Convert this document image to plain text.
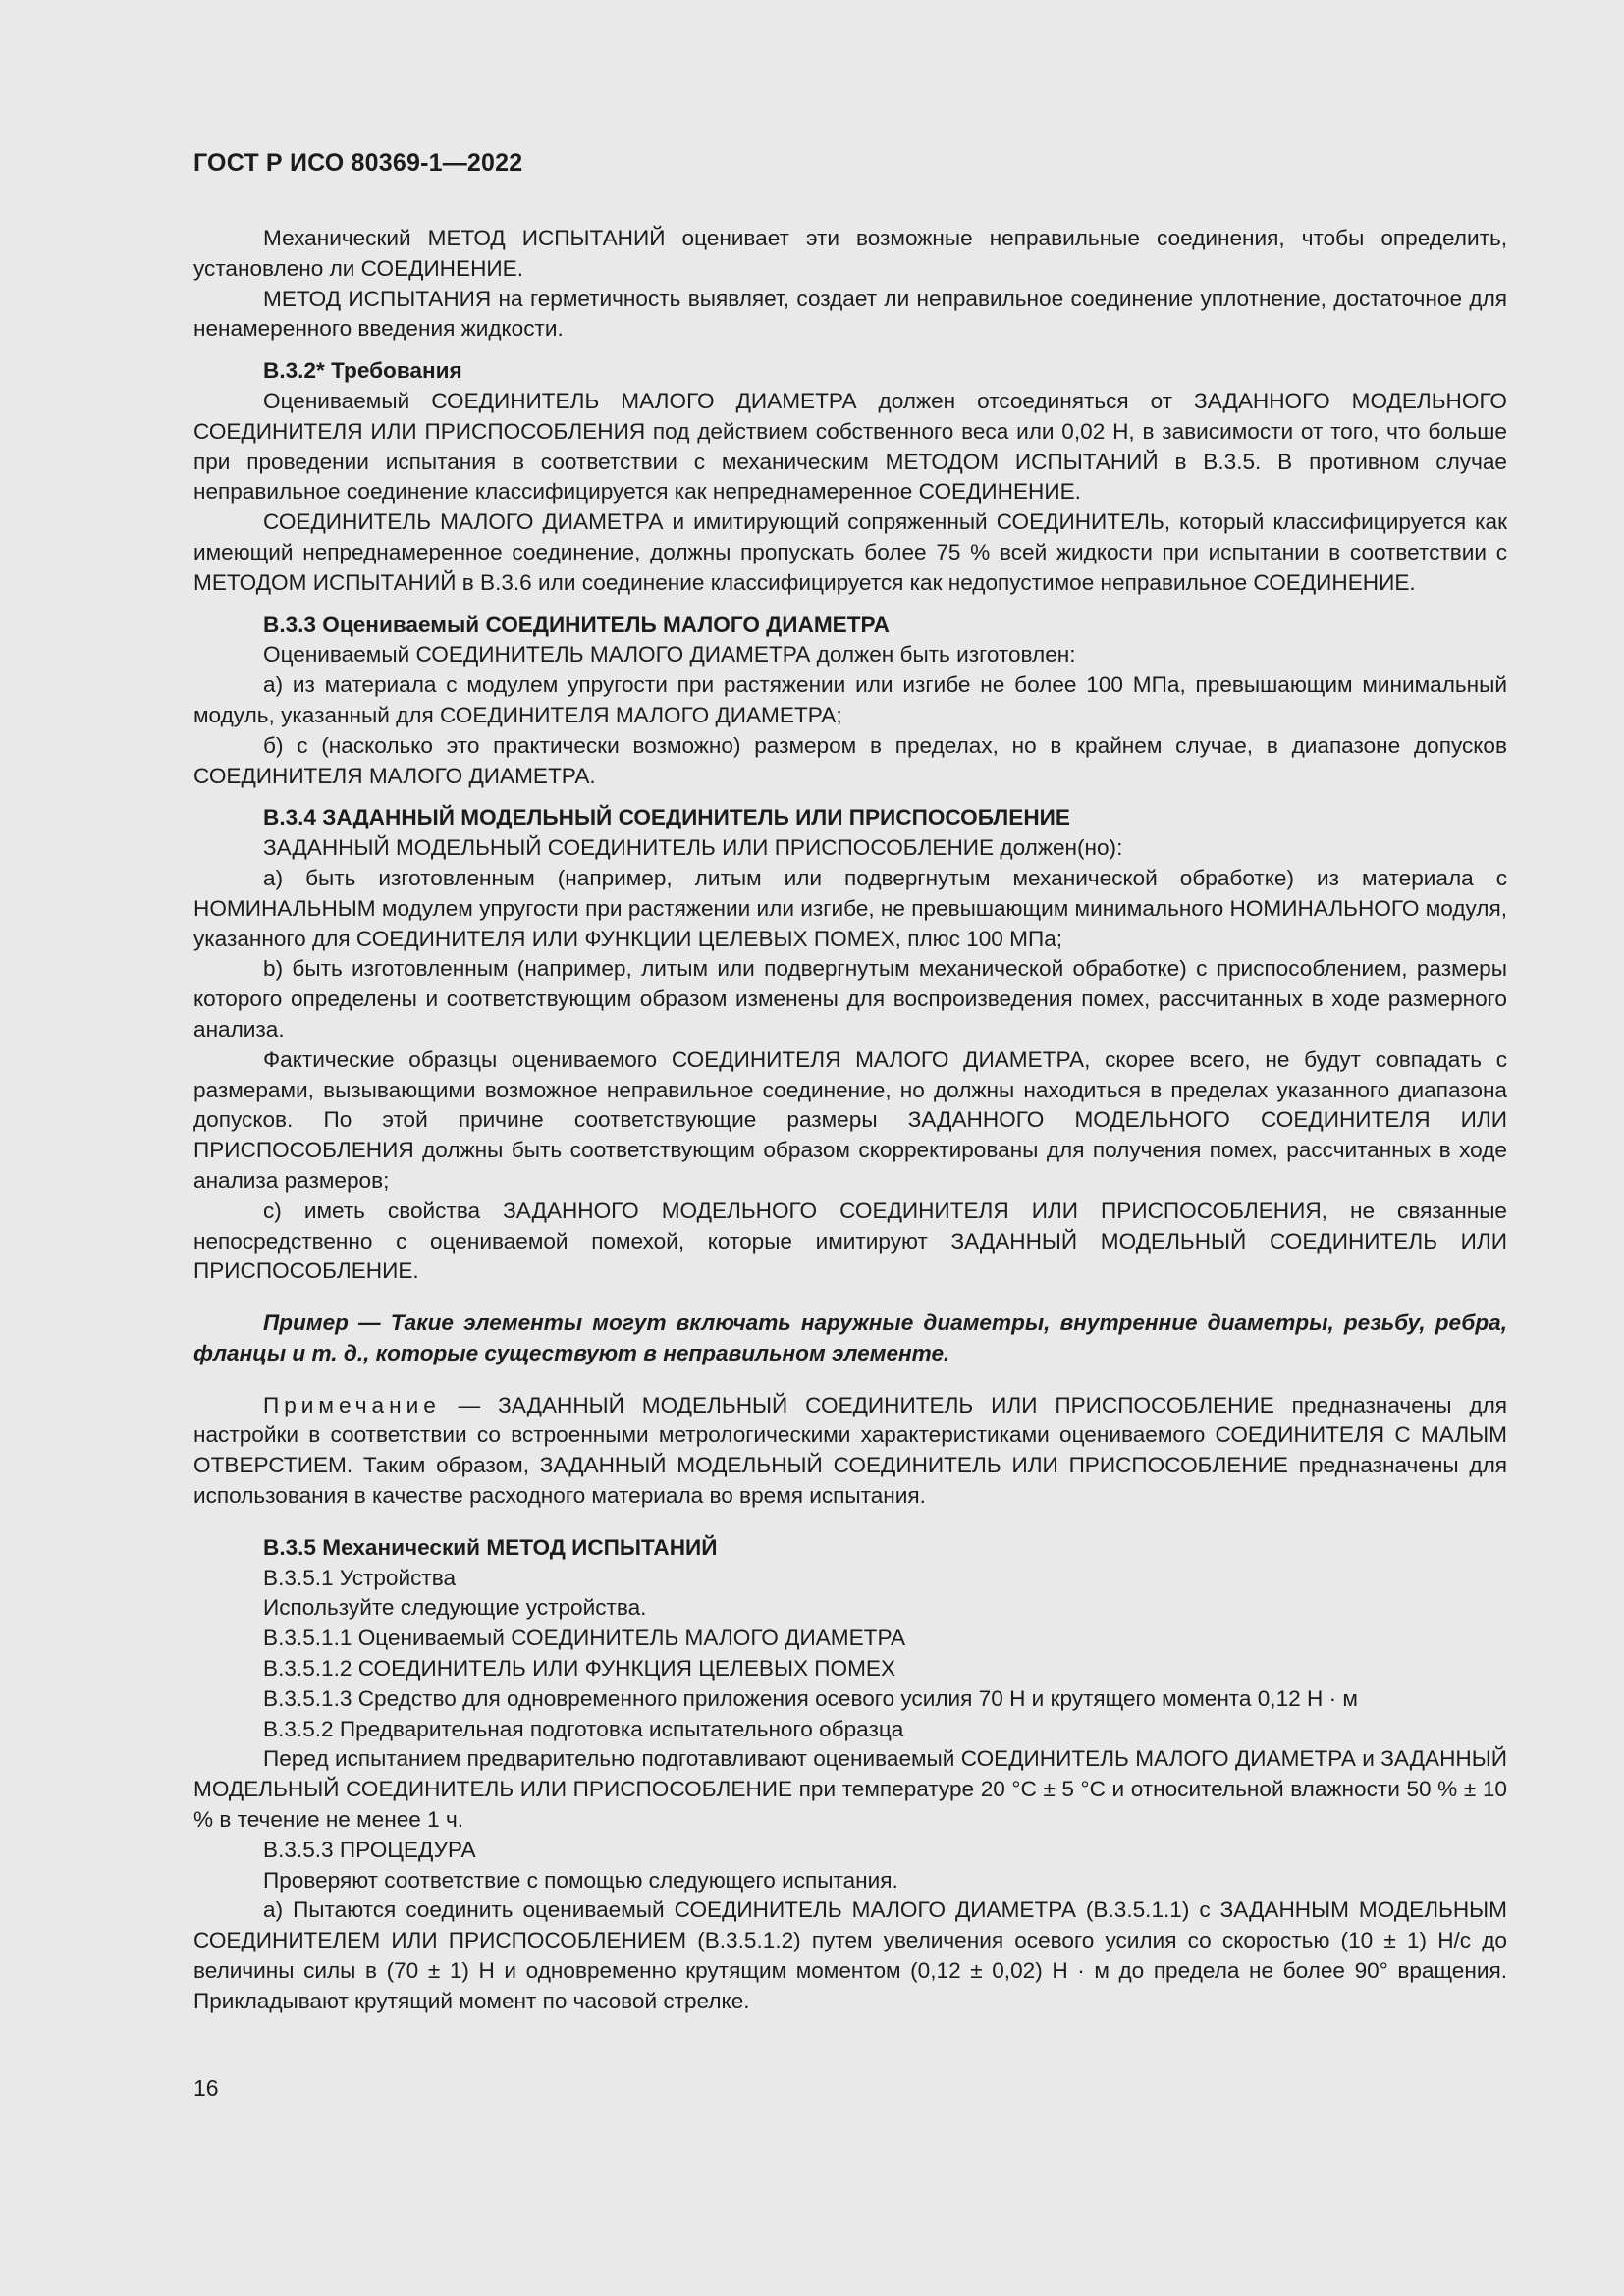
ГОСТ Р ИСО 80369-1—2022

Механический МЕТОД ИСПЫТАНИЙ оценивает эти возможные неправильные соединения, чтобы определить, установлено ли СОЕДИНЕНИЕ.

МЕТОД ИСПЫТАНИЯ на герметичность выявляет, создает ли неправильное соединение уплотнение, достаточное для ненамеренного введения жидкости.

B.3.2* Требования

Оцениваемый СОЕДИНИТЕЛЬ МАЛОГО ДИАМЕТРА должен отсоединяться от ЗАДАННОГО МОДЕЛЬНОГО СОЕДИНИТЕЛЯ ИЛИ ПРИСПОСОБЛЕНИЯ под действием собственного веса или 0,02 Н, в зависимости от того, что больше при проведении испытания в соответствии с механическим МЕТОДОМ ИСПЫТАНИЙ в В.3.5. В противном случае неправильное соединение классифицируется как непреднамеренное СОЕДИНЕНИЕ.

СОЕДИНИТЕЛЬ МАЛОГО ДИАМЕТРА и имитирующий сопряженный СОЕДИНИТЕЛЬ, который классифицируется как имеющий непреднамеренное соединение, должны пропускать более 75 % всей жидкости при испытании в соответствии с МЕТОДОМ ИСПЫТАНИЙ в В.3.6 или соединение классифицируется как недопустимое неправильное СОЕДИНЕНИЕ.

B.3.3 Оцениваемый СОЕДИНИТЕЛЬ МАЛОГО ДИАМЕТРА

Оцениваемый СОЕДИНИТЕЛЬ МАЛОГО ДИАМЕТРА должен быть изготовлен:

а) из материала с модулем упругости при растяжении или изгибе не более 100 МПа, превышающим минимальный модуль, указанный для СОЕДИНИТЕЛЯ МАЛОГО ДИАМЕТРА;

б) с (насколько это практически возможно) размером в пределах, но в крайнем случае, в диапазоне допусков СОЕДИНИТЕЛЯ МАЛОГО ДИАМЕТРА.

B.3.4 ЗАДАННЫЙ МОДЕЛЬНЫЙ СОЕДИНИТЕЛЬ ИЛИ ПРИСПОСОБЛЕНИЕ

ЗАДАННЫЙ МОДЕЛЬНЫЙ СОЕДИНИТЕЛЬ ИЛИ ПРИСПОСОБЛЕНИЕ должен(но):

а) быть изготовленным (например, литым или подвергнутым механической обработке) из материала с НОМИНАЛЬНЫМ модулем упругости при растяжении или изгибе, не превышающим минимального НОМИНАЛЬНОГО модуля, указанного для СОЕДИНИТЕЛЯ ИЛИ ФУНКЦИИ ЦЕЛЕВЫХ ПОМЕХ, плюс 100 МПа;

b) быть изготовленным (например, литым или подвергнутым механической обработке) с приспособлением, размеры которого определены и соответствующим образом изменены для воспроизведения помех, рассчитанных в ходе размерного анализа.

Фактические образцы оцениваемого СОЕДИНИТЕЛЯ МАЛОГО ДИАМЕТРА, скорее всего, не будут совпадать с размерами, вызывающими возможное неправильное соединение, но должны находиться в пределах указанного диапазона допусков. По этой причине соответствующие размеры ЗАДАННОГО МОДЕЛЬНОГО СОЕДИНИТЕЛЯ ИЛИ ПРИСПОСОБЛЕНИЯ должны быть соответствующим образом скорректированы для получения помех, рассчитанных в ходе анализа размеров;

с) иметь свойства ЗАДАННОГО МОДЕЛЬНОГО СОЕДИНИТЕЛЯ ИЛИ ПРИСПОСОБЛЕНИЯ, не связанные непосредственно с оцениваемой помехой, которые имитируют ЗАДАННЫЙ МОДЕЛЬНЫЙ СОЕДИНИТЕЛЬ ИЛИ ПРИСПОСОБЛЕНИЕ.

Пример — Такие элементы могут включать наружные диаметры, внутренние диаметры, резьбу, ребра, фланцы и т. д., которые существуют в неправильном элементе.

Примечание — ЗАДАННЫЙ МОДЕЛЬНЫЙ СОЕДИНИТЕЛЬ ИЛИ ПРИСПОСОБЛЕНИЕ предназначены для настройки в соответствии со встроенными метрологическими характеристиками оцениваемого СОЕДИНИТЕЛЯ С МАЛЫМ ОТВЕРСТИЕМ. Таким образом, ЗАДАННЫЙ МОДЕЛЬНЫЙ СОЕДИНИТЕЛЬ ИЛИ ПРИСПОСОБЛЕНИЕ предназначены для использования в качестве расходного материала во время испытания.

B.3.5 Механический МЕТОД ИСПЫТАНИЙ

В.3.5.1 Устройства

Используйте следующие устройства.

В.3.5.1.1 Оцениваемый СОЕДИНИТЕЛЬ МАЛОГО ДИАМЕТРА

В.3.5.1.2 СОЕДИНИТЕЛЬ ИЛИ ФУНКЦИЯ ЦЕЛЕВЫХ ПОМЕХ

В.3.5.1.3 Средство для одновременного приложения осевого усилия 70 Н и крутящего момента 0,12 Н · м

В.3.5.2 Предварительная подготовка испытательного образца

Перед испытанием предварительно подготавливают оцениваемый СОЕДИНИТЕЛЬ МАЛОГО ДИАМЕТРА и ЗАДАННЫЙ МОДЕЛЬНЫЙ СОЕДИНИТЕЛЬ ИЛИ ПРИСПОСОБЛЕНИЕ при температуре 20 °C ± 5 °C и относительной влажности 50 % ± 10 % в течение не менее 1 ч.

В.3.5.3 ПРОЦЕДУРА

Проверяют соответствие с помощью следующего испытания.

а) Пытаются соединить оцениваемый СОЕДИНИТЕЛЬ МАЛОГО ДИАМЕТРА (В.3.5.1.1) с ЗАДАННЫМ МОДЕЛЬНЫМ СОЕДИНИТЕЛЕМ ИЛИ ПРИСПОСОБЛЕНИЕМ (В.3.5.1.2) путем увеличения осевого усилия со скоростью (10 ± 1) Н/с до величины силы в (70 ± 1) Н и одновременно крутящим моментом (0,12 ± 0,02) Н · м до предела не более 90° вращения. Прикладывают крутящий момент по часовой стрелке.

16
